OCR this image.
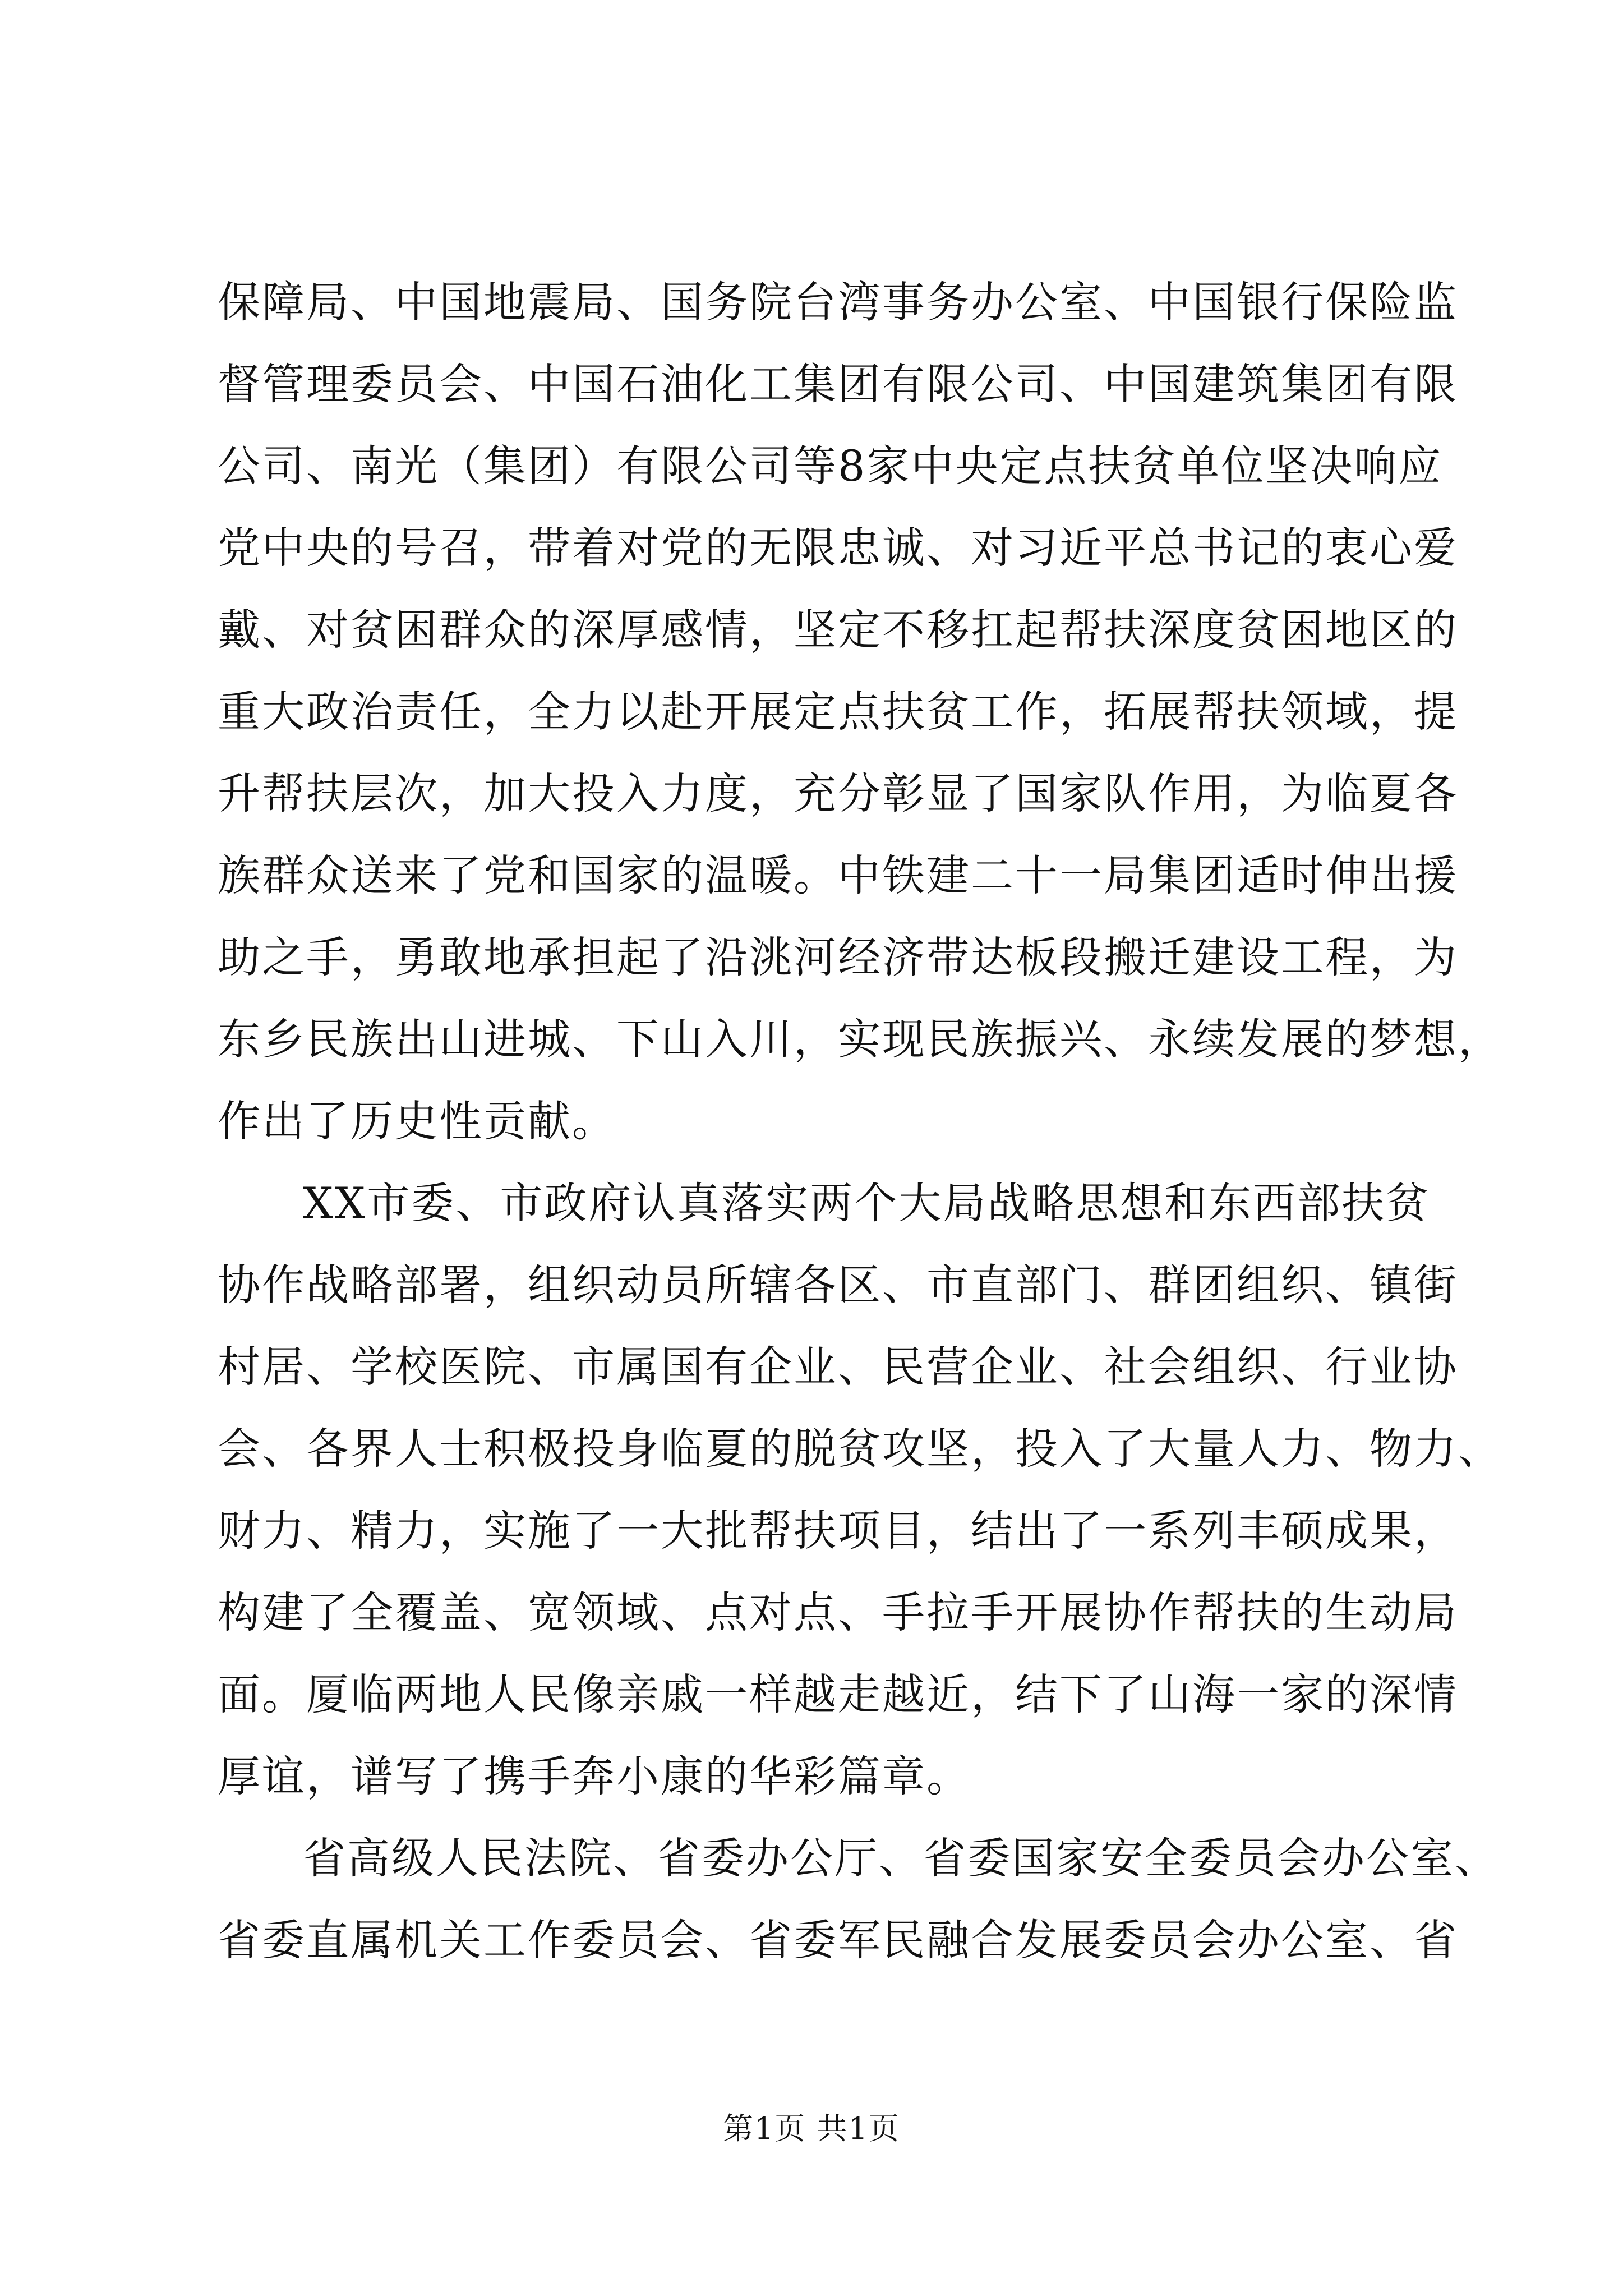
保障局、中国地震局、国务院台湾事务办公室、中国银行保险监
督管理委员会、中国石油化工集团有限公司、中国建筑集团有限
公司、南光（集团）有限公司等8家中央定点扶贫单位坚决响应
党中央的号召，带着对党的无限忠诚、对习近平总书记的衷心爱
戴、对贫困群众的深厚感情，坚定不移扛起帮扶深度贫困地区的
重大政治责任，全力以赴开展定点扶贫工作，拓展帮扶领域，提
升帮扶层次，加大投入力度，充分彰显了国家队作用，为临夏各
族群众送来了党和国家的温暖。中铁建二十一局集团适时伸出援
助之手，勇敢地承担起了沿洮河经济带达板段搬迁建设工程，为
东乡民族出山进城、下山入川，实现民族振兴、永续发展的梦想，
作出了历史性贡献。
XX市委、市政府认真落实两个大局战略思想和东西部扶贫
协作战略部署，组织动员所辖各区、市直部门、群团组织、镇街
村居、学校医院、市属国有企业、民营企业、社会组织、行业协
会、各界人士积极投身临夏的脱贫攻坚，投入了大量人力、物力、
财力、精力，实施了一大批帮扶项目，结出了一系列丰硕成果，
构建了全覆盖、宽领域、点对点、手拉手开展协作帮扶的生动局
面。厦临两地人民像亲戚一样越走越近，结下了山海一家的深情
厚谊，谱写了携手奔小康的华彩篇章。
省高级人民法院、省委办公厅、省委国家安全委员会办公室、
省委直属机关工作委员会、省委军民融合发展委员会办公室、省
第1页 共1页
